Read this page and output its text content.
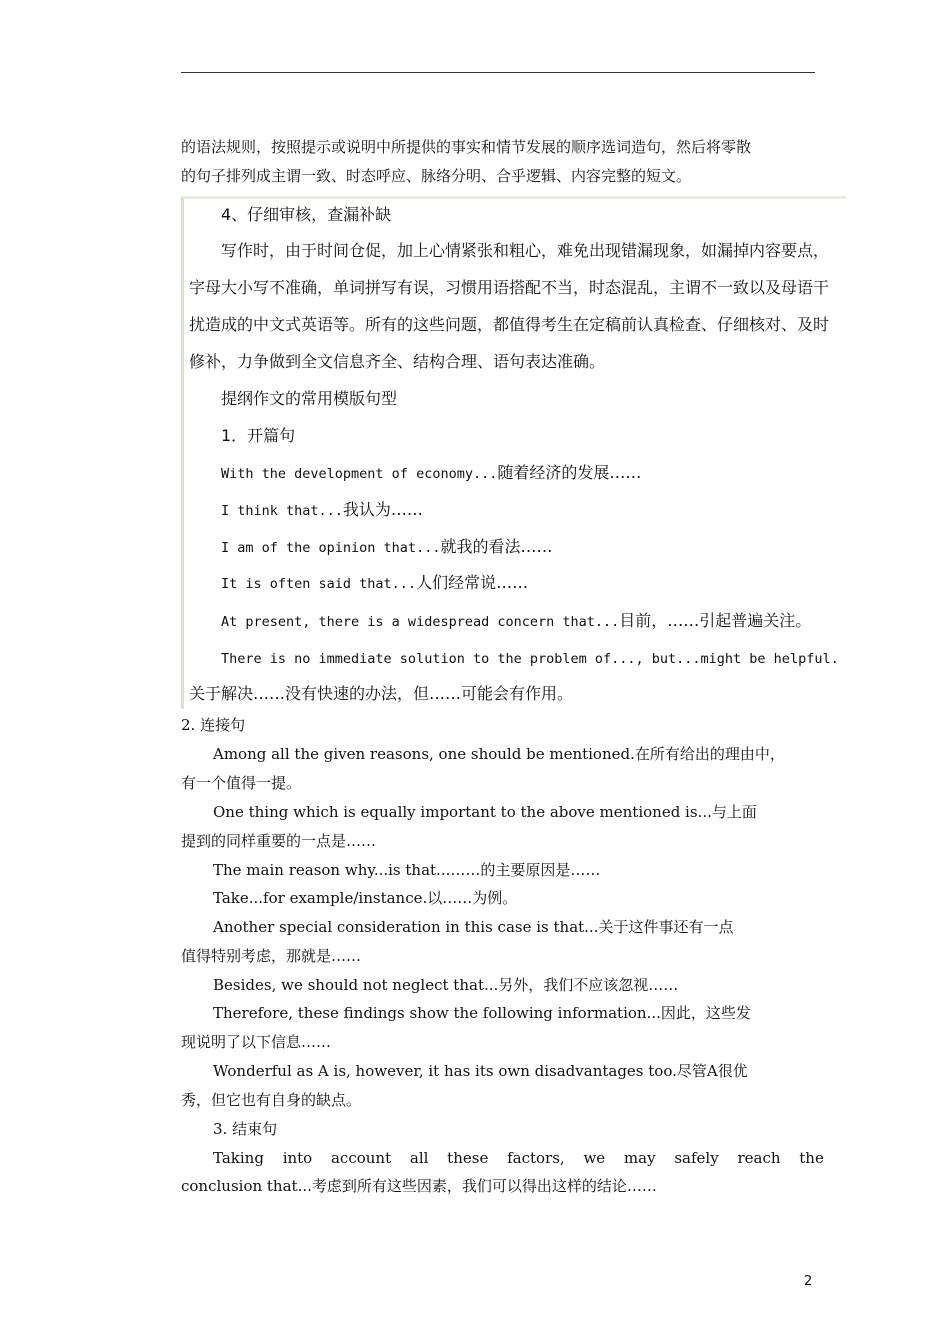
的语法规则，按照提示或说明中所提供的事实和情节发展的顺序选词造句，然后将零散
的句子排列成主谓一致、时态呼应、脉络分明、合乎逻辑、内容完整的短文。
4、仔细审核，查漏补缺
写作时，由于时间仓促，加上心情紧张和粗心，难免出现错漏现象，如漏掉内容要点，
字母大小写不准确，单词拼写有误，习惯用语搭配不当，时态混乱，主谓不一致以及母语干
扰造成的中文式英语等。所有的这些问题，都值得考生在定稿前认真检查、仔细核对、及时
修补，力争做到全文信息齐全、结构合理、语句表达准确。
提纲作文的常用模版句型
1．开篇句
With the development of economy...随着经济的发展……
I think that...我认为……
I am of the opinion that...就我的看法……
It is often said that...人们经常说……
At present, there is a widespread concern that...目前，……引起普遍关注。
There is no immediate solution to the problem of..., but...might be helpful.
关于解决……没有快速的办法，但……可能会有作用。
2. 连接句
Among all the given reasons, one should be mentioned.在所有给出的理由中，
有一个值得一提。
One thing which is equally important to the above mentioned is...与上面
提到的同样重要的一点是……
The main reason why...is that...……的主要原因是……
Take...for example/instance.以……为例。
Another special consideration in this case is that...关于这件事还有一点
值得特别考虑，那就是……
Besides, we should not neglect that...另外，我们不应该忽视……
Therefore, these findings show the following information...因此，这些发
现说明了以下信息……
Wonderful as A is, however, it has its own disadvantages too.尽管A很优
秀，但它也有自身的缺点。
3. 结束句
Taking into account all these factors, we may safely reach the
conclusion that...考虑到所有这些因素，我们可以得出这样的结论……
2
